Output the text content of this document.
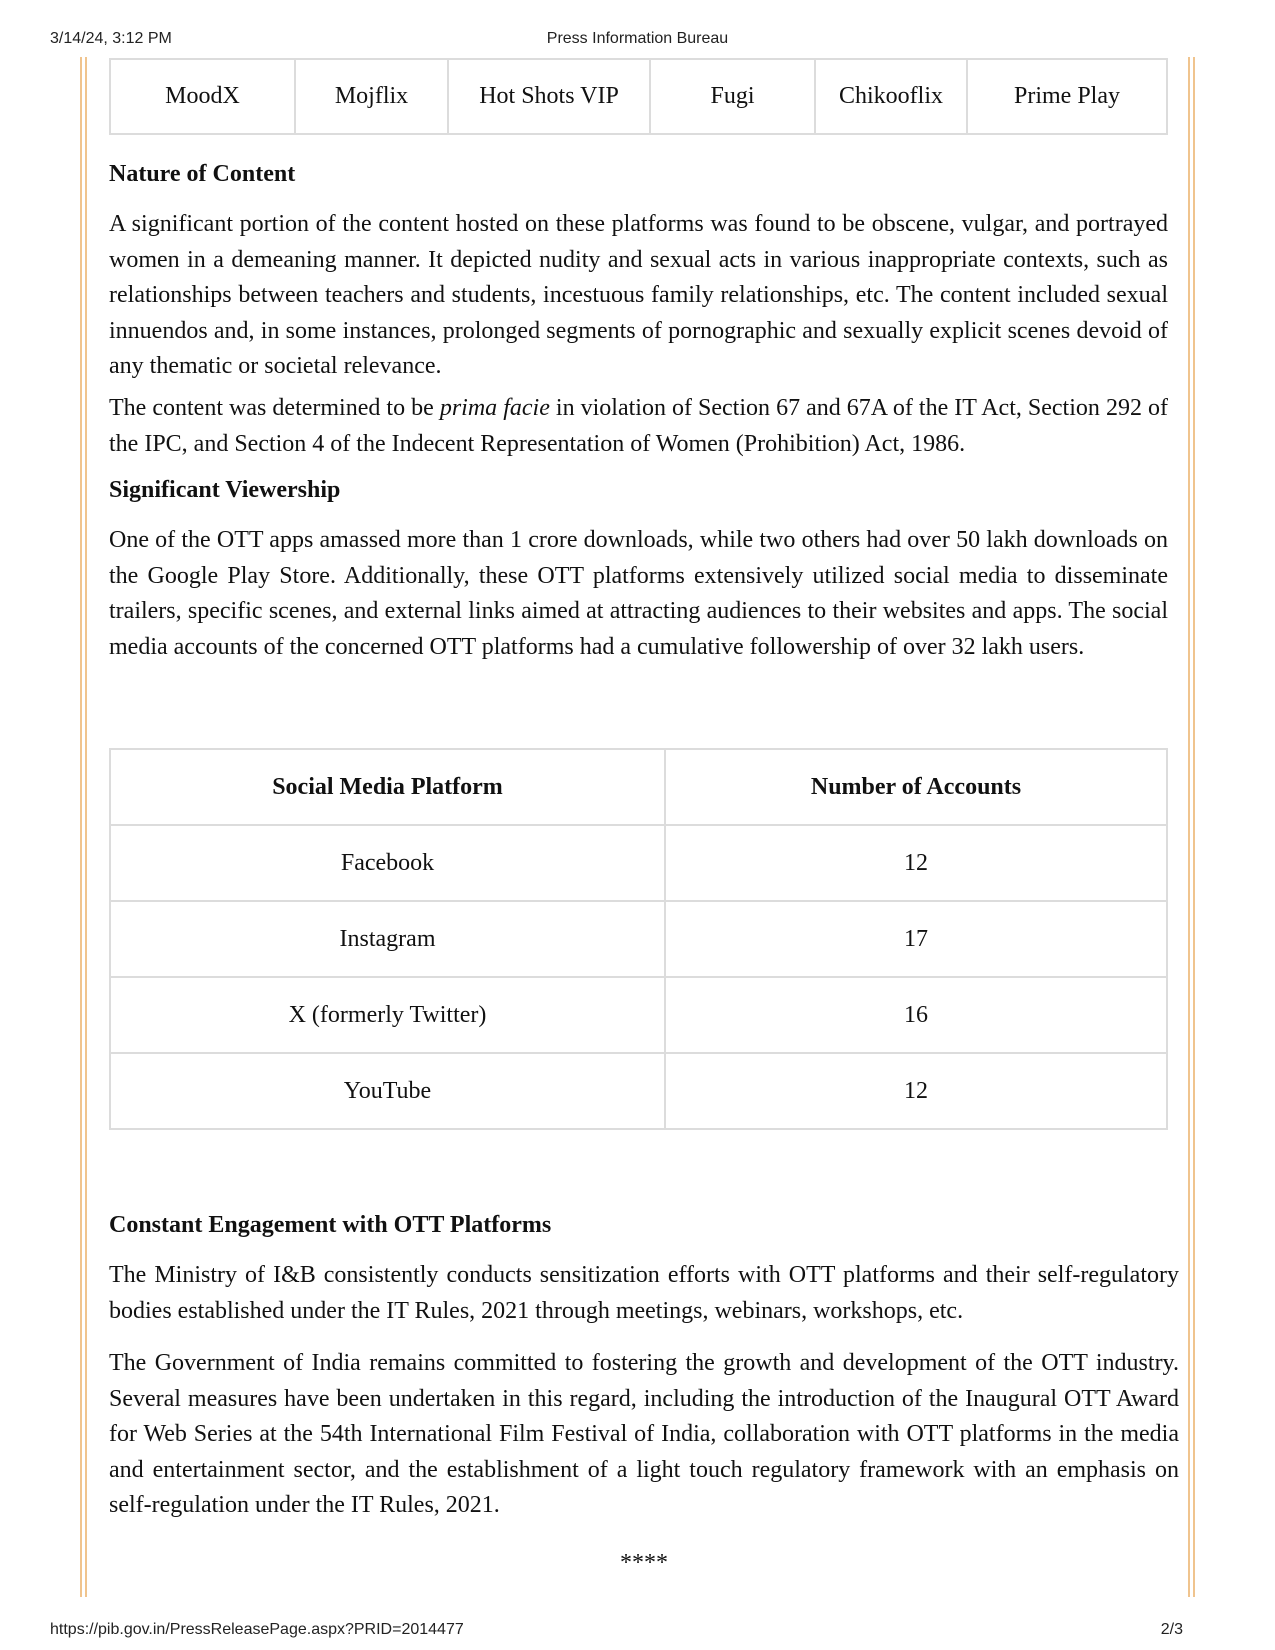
3/14/24, 3:12 PM	Press Information Bureau
MoodX	Mojflix	Hot Shots VIP	Fugi	Chikooflix	Prime Play
Nature of Content

A significant portion of the content hosted on these platforms was found to be obscene, vulgar, and portrayed women in a demeaning manner. It depicted nudity and sexual acts in various inappropriate contexts, such as relationships between teachers and students, incestuous family relationships, etc. The content included sexual innuendos and, in some instances, prolonged segments of pornographic and sexually explicit scenes devoid of any thematic or societal relevance.

The content was determined to be prima facie in violation of Section 67 and 67A of the IT Act, Section 292 of the IPC, and Section 4 of the Indecent Representation of Women (Prohibition) Act, 1986.

Significant Viewership

One of the OTT apps amassed more than 1 crore downloads, while two others had over 50 lakh downloads on the Google Play Store. Additionally, these OTT platforms extensively utilized social media to disseminate trailers, specific scenes, and external links aimed at attracting audiences to their websites and apps. The social media accounts of the concerned OTT platforms had a cumulative followership of over 32 lakh users.

Social Media Platform	Number of Accounts
Facebook	12
Instagram	17
X (formerly Twitter)	16
YouTube	12
Constant Engagement with OTT Platforms

The Ministry of I&B consistently conducts sensitization efforts with OTT platforms and their self-regulatory bodies established under the IT Rules, 2021 through meetings, webinars, workshops, etc.

The Government of India remains committed to fostering the growth and development of the OTT industry. Several measures have been undertaken in this regard, including the introduction of the Inaugural OTT Award for Web Series at the 54th International Film Festival of India, collaboration with OTT platforms in the media and entertainment sector, and the establishment of a light touch regulatory framework with an emphasis on self-regulation under the IT Rules, 2021.

****
https://pib.gov.in/PressReleasePage.aspx?PRID=2014477	2/3
